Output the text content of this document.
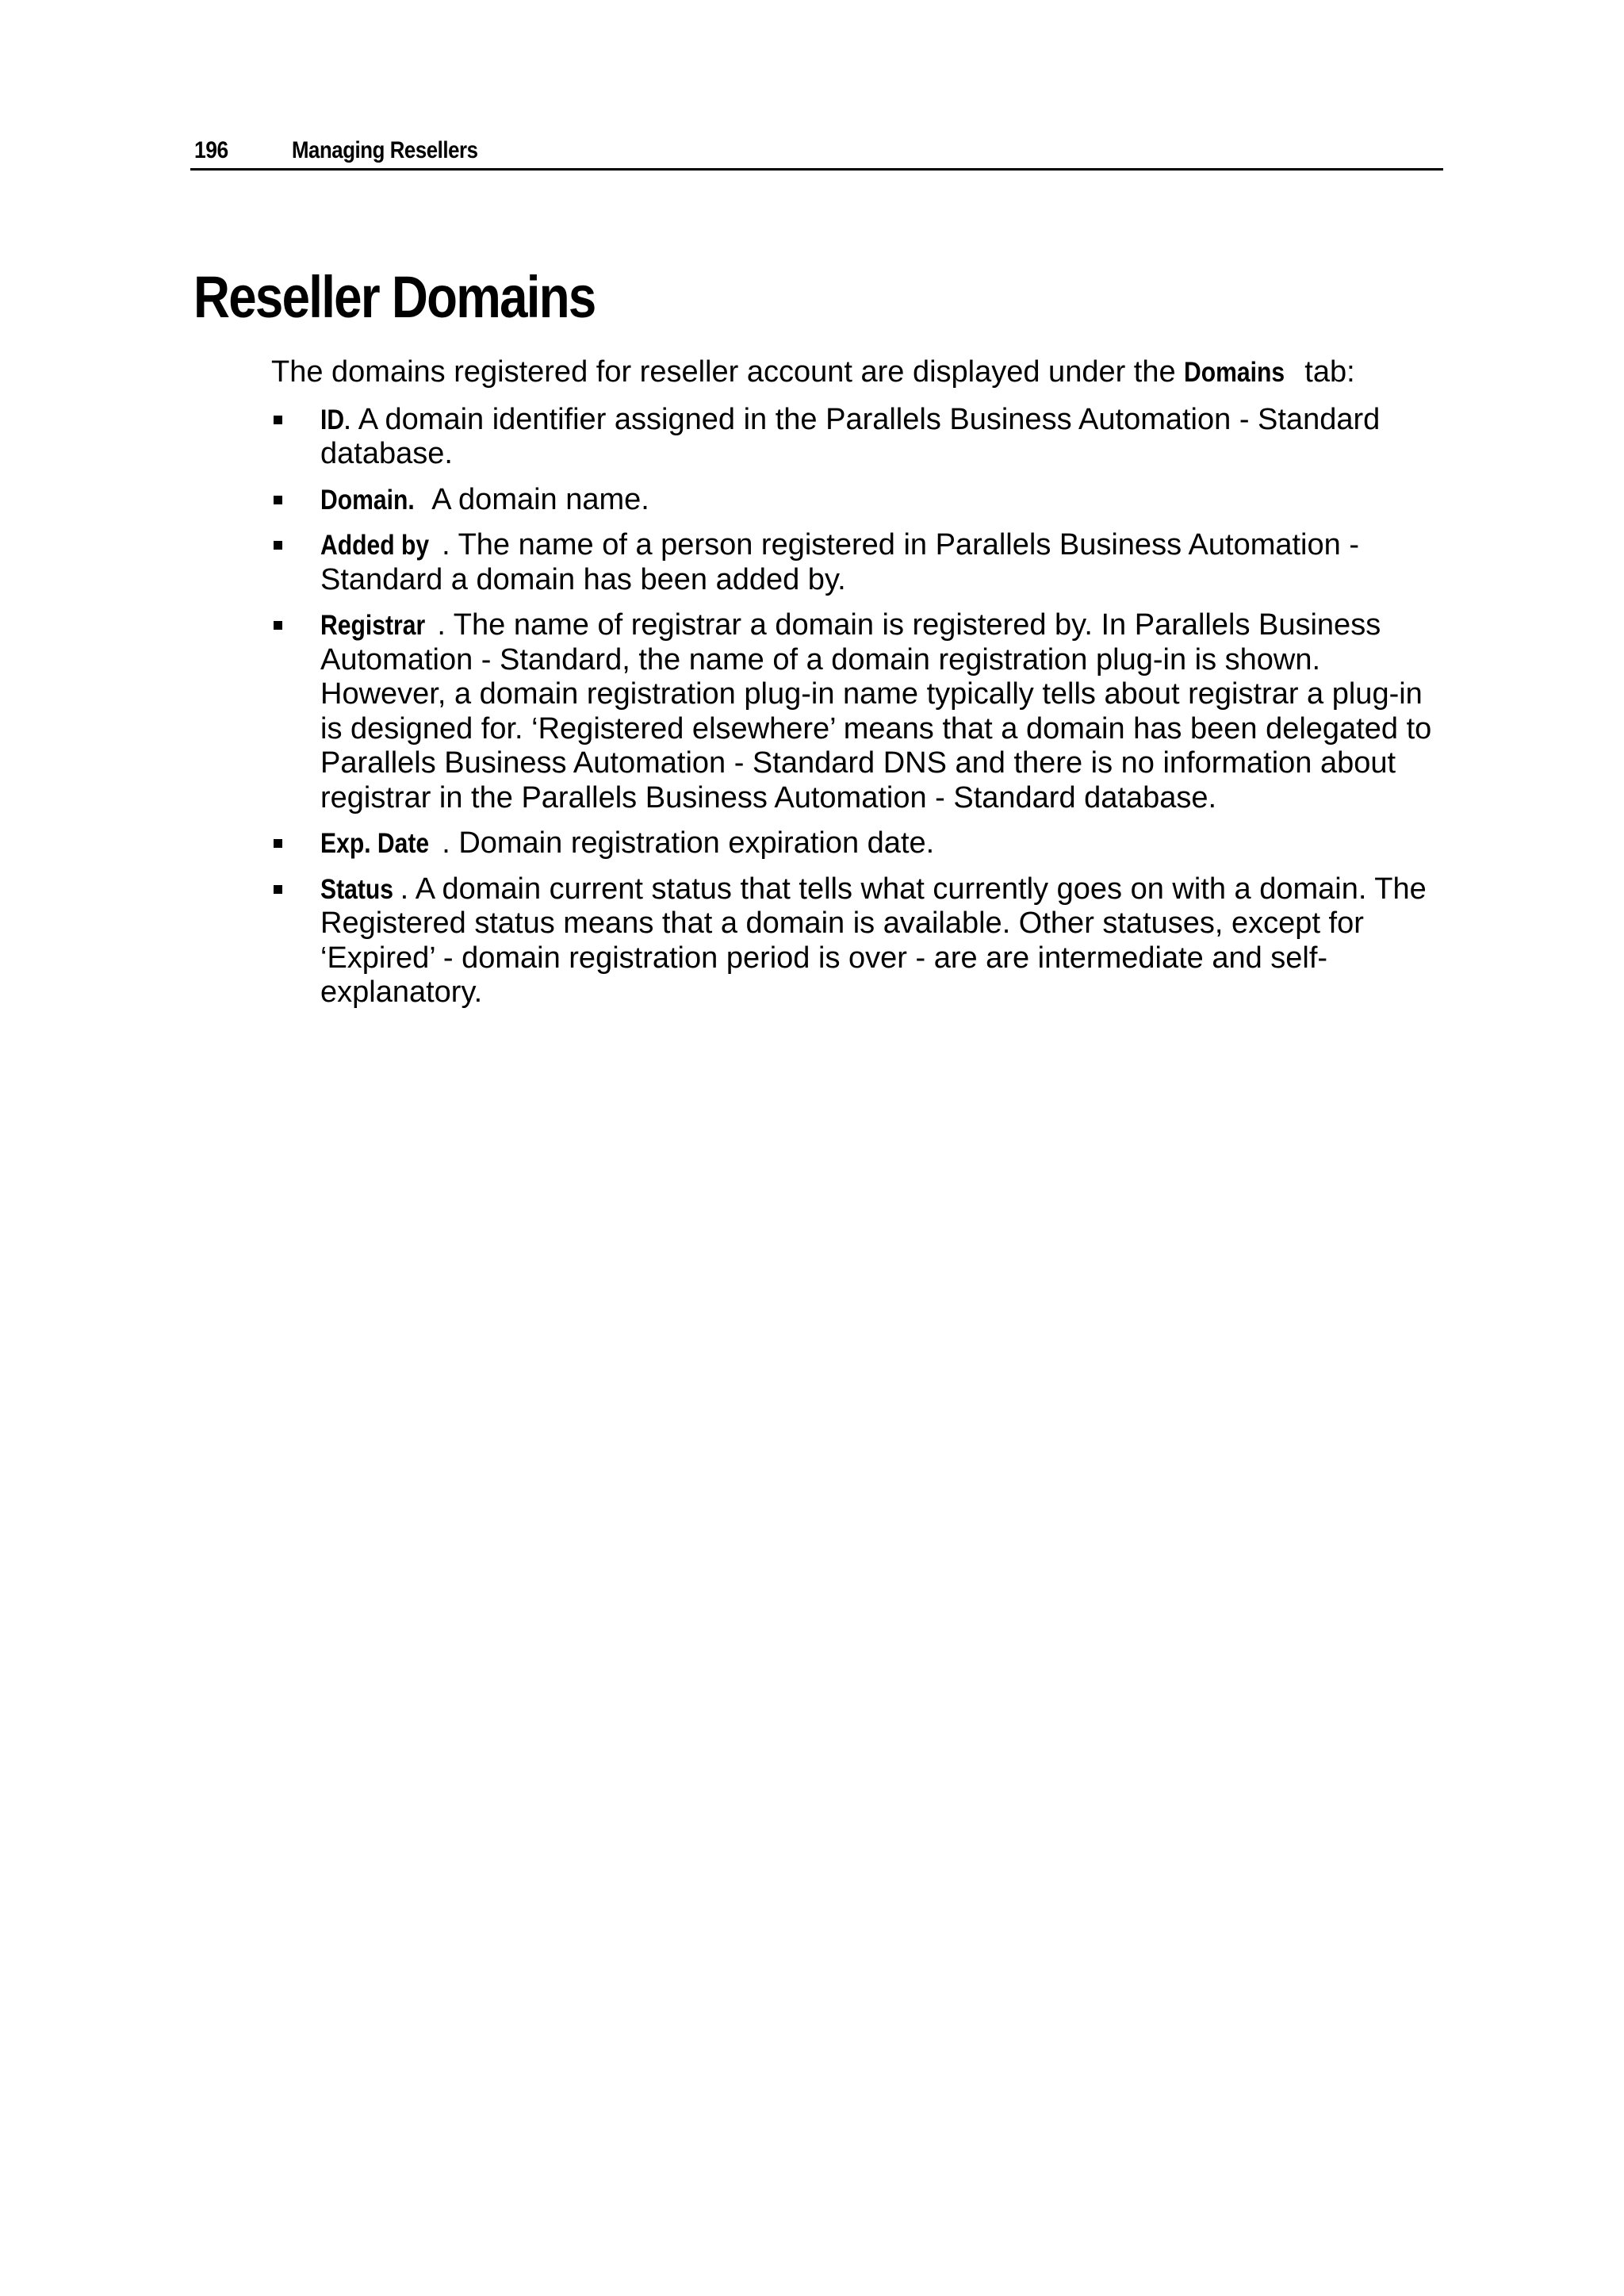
196	Managing Resellers
Reseller Domains

The domains registered for reseller account are displayed under the Domains tab:

ID. A domain identifier assigned in the Parallels Business Automation - Standard database.
Domain. A domain name.
Added by . The name of a person registered in Parallels Business Automation - Standard a domain has been added by.
Registrar . The name of registrar a domain is registered by. In Parallels Business Automation - Standard, the name of a domain registration plug-in is shown. However, a domain registration plug-in name typically tells about registrar a plug-in is designed for. ‘Registered elsewhere’ means that a domain has been delegated to Parallels Business Automation - Standard DNS and there is no information about registrar in the Parallels Business Automation - Standard database.
Exp. Date . Domain registration expiration date.
Status . A domain current status that tells what currently goes on with a domain. The Registered status means that a domain is available. Other statuses, except for ‘Expired’ - domain registration period is over - are are intermediate and self-explanatory.
